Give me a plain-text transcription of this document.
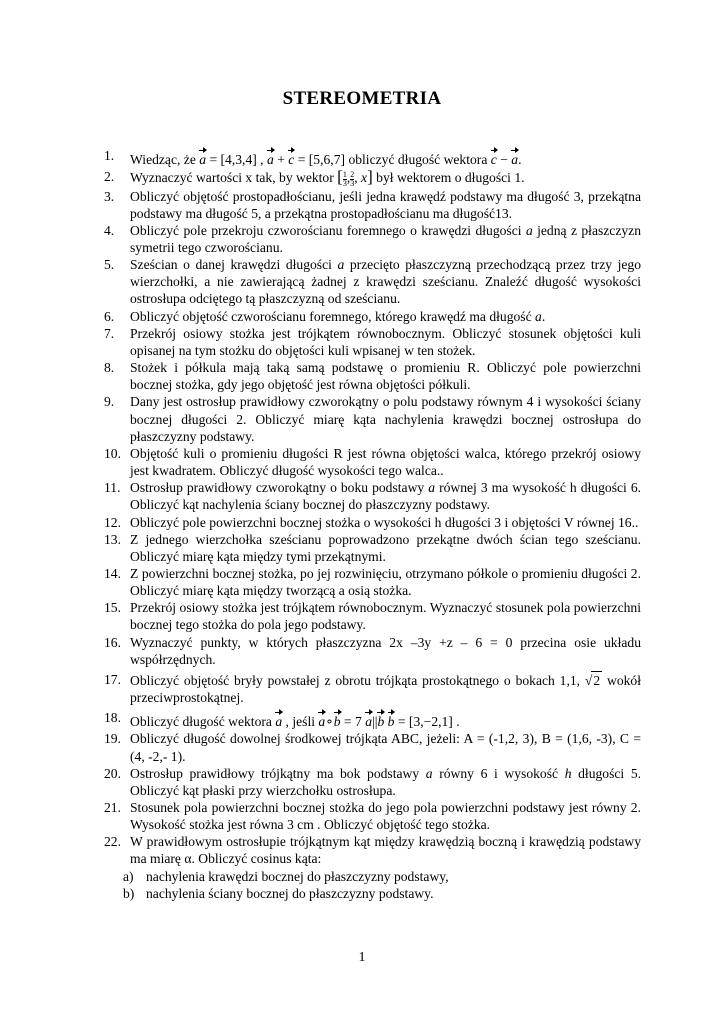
STEREOMETRIA
1.	Wiedząc, że a = [4,3,4] , a + c = [5,6,7] obliczyć długość wektora c − a.
2.	Wyznaczyć wartości x tak, by wektor [ $\frac{1}{3}$ , $\frac{2}{3}$ , x] był wektorem o długości 1.
3.	Obliczyć objętość prostopadłościanu, jeśli jedna krawędź podstawy ma długość 3, przekątna podstawy ma długość 5, a przekątna prostopadłościanu ma długość13.
4.	Obliczyć pole przekroju czworościanu foremnego o krawędzi długości a jedną z płaszczyzn symetrii tego czworościanu.
5.	Sześcian o danej krawędzi długości a przecięto płaszczyzną przechodzącą przez trzy jego wierzchołki, a nie zawierającą żadnej z krawędzi sześcianu. Znaleźć długość wysokości ostrosłupa odciętego tą płaszczyzną od sześcianu.
6.	Obliczyć objętość czworościanu foremnego, którego krawędź ma długość a.
7.	Przekrój osiowy stożka jest trójkątem równobocznym. Obliczyć stosunek objętości kuli opisanej na tym stożku do objętości kuli wpisanej w ten stożek.
8.	Stożek i półkula mają taką samą podstawę o promieniu R. Obliczyć pole powierzchni bocznej stożka, gdy jego objętość jest równa objętości półkuli.
9.	Dany jest ostrosłup prawidłowy czworokątny o polu podstawy równym 4 i wysokości ściany bocznej długości 2. Obliczyć miarę kąta nachylenia krawędzi bocznej ostrosłupa do płaszczyzny podstawy.
10. Objętość kuli o promieniu długości R jest równa objętości walca, którego przekrój osiowy jest kwadratem. Obliczyć długość wysokości tego walca..
11. Ostrosłup prawidłowy czworokątny o boku podstawy a równej 3 ma wysokość h długości 6. Obliczyć kąt nachylenia ściany bocznej do płaszczyzny podstawy.
12. Obliczyć pole powierzchni bocznej stożka o wysokości h długości 3 i objętości V równej 16..
13. Z jednego wierzchołka sześcianu poprowadzono przekątne dwóch ścian tego sześcianu. Obliczyć miarę kąta między tymi przekątnymi.
14. Z powierzchni bocznej stożka, po jej rozwinięciu, otrzymano półkole o promieniu długości 2. Obliczyć miarę kąta między tworzącą a osią stożka.
15. Przekrój osiowy stożka jest trójkątem równobocznym. Wyznaczyć stosunek pola powierzchni bocznej tego stożka do pola jego podstawy.
16. Wyznaczyć punkty, w których płaszczyzna 2x –3y +z – 6 = 0 przecina osie układu współrzędnych.
17. Obliczyć objętość bryły powstałej z obrotu trójkąta prostokątnego o bokach 1,1, √2 wokół przeciwprostokątnej.
18. Obliczyć długość wektora a , jeśli a∘b = 7 a||b b = [3,−2,1] .
19. Obliczyć długość dowolnej środkowej trójkąta ABC, jeżeli: A = (-1,2, 3), B = (1,6, -3), C = (4, -2,- 1).
20. Ostrosłup prawidłowy trójkątny ma bok podstawy a równy 6 i wysokość h długości 5. Obliczyć kąt płaski przy wierzchołku ostrosłupa.
21. Stosunek pola powierzchni bocznej stożka do jego pola powierzchni podstawy jest równy 2. Wysokość stożka jest równa 3 cm . Obliczyć objętość tego stożka.
22. W prawidłowym ostrosłupie trójkątnym kąt między krawędzią boczną i krawędzią podstawy ma miarę α. Obliczyć cosinus kąta:
a) nachylenia krawędzi bocznej do płaszczyzny podstawy,
b) nachylenia ściany bocznej do płaszczyzny podstawy.
1
